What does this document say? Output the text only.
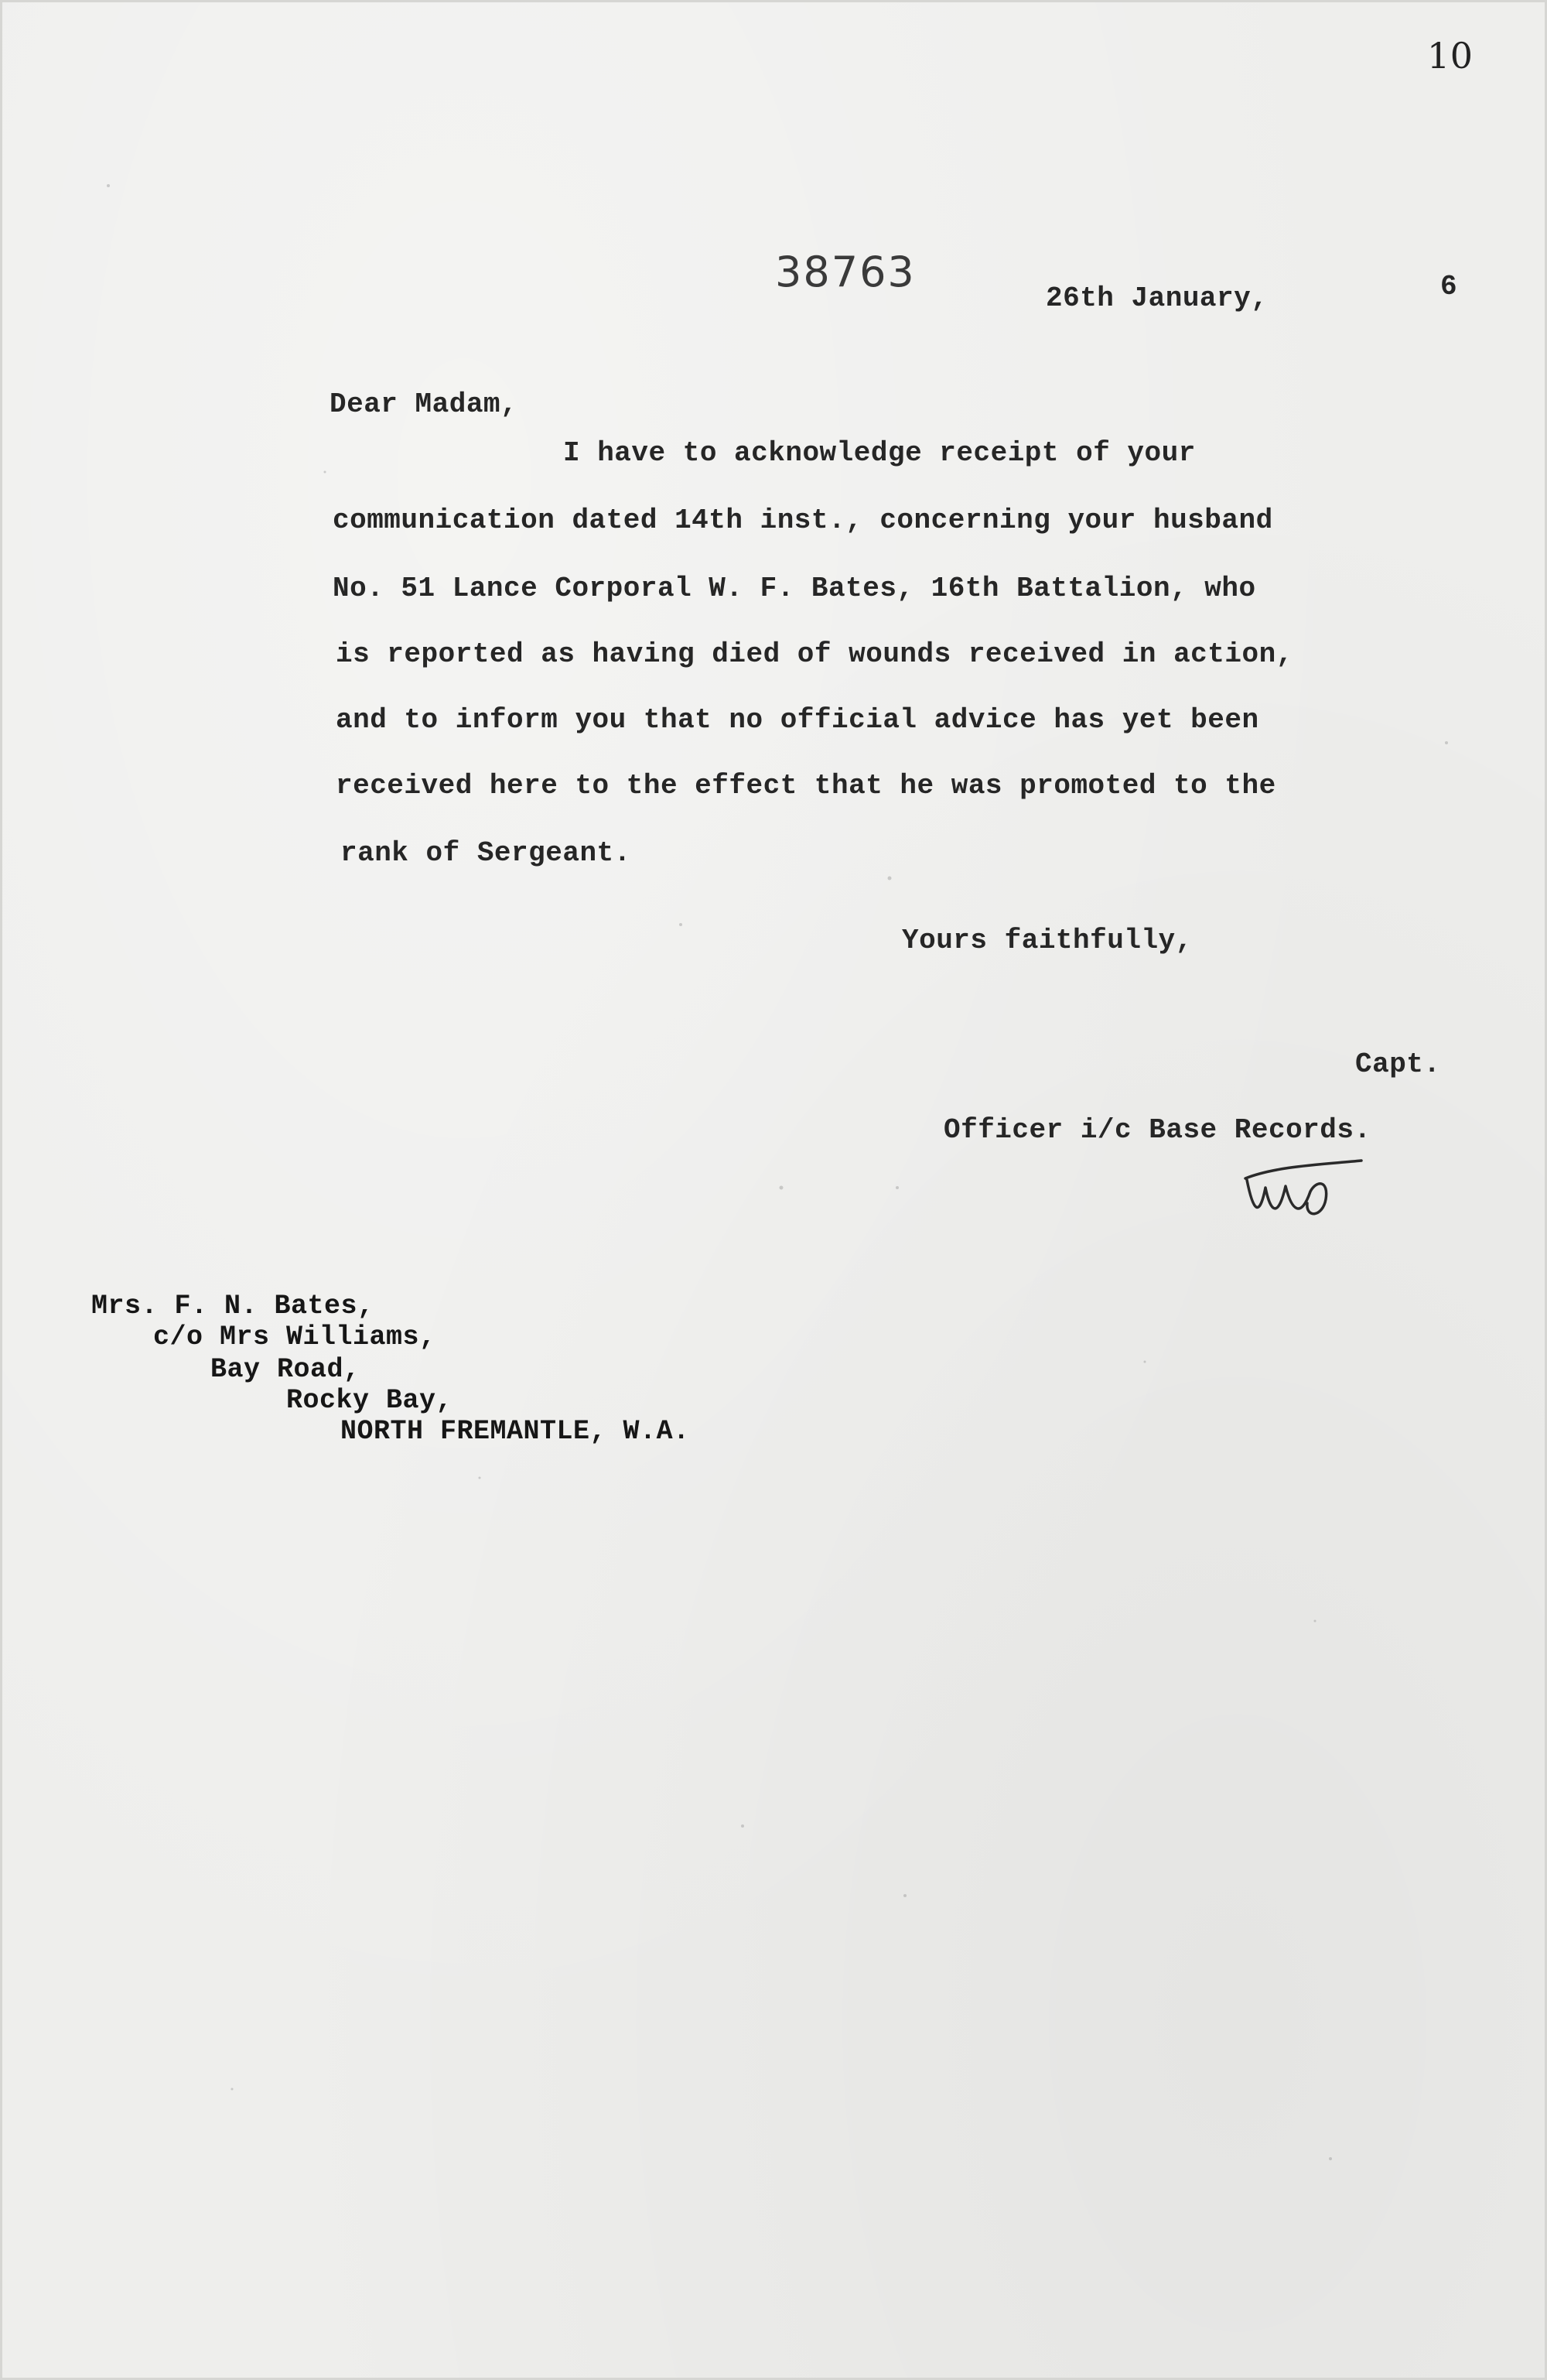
10
38763
26th January,	6
Dear Madam,
I have to acknowledge receipt of your
communication dated 14th inst., concerning your husband
No. 51 Lance Corporal W. F. Bates, 16th Battalion, who
is reported as having died of wounds received in action,
and to inform you that no official advice has yet been
received here to the effect that he was promoted to the
rank of Sergeant.
Yours faithfully,
Capt.
Officer i/c Base Records.
WAW
Mrs. F. N. Bates,
c/o Mrs Williams,
Bay Road,
Rocky Bay,
NORTH FREMANTLE, W.A.
